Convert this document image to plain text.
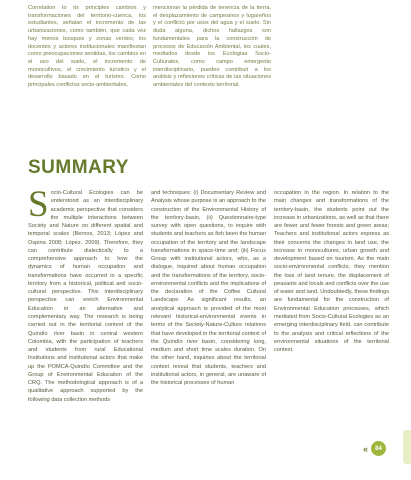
Correlation to its principles cambios y transformaciones del territorio-cuenca, los estudiantes, señalan el incremento de las urbanizaciones, como también, que cada vez hay menos bosques y zonas verdes; los docentes y actores institucionales manifiestan como preocupaciones sentidas, los cambios en el uso del suelo, el incremento de monocultivos, el crecimiento turístico y el desarrollo basado en el turismo. Como principales conflictos socio-ambientales,

mencionan la pérdida de tenencia de la tierra, el desplazamiento de campesinos y lugareños y el conflicto por usos del agua y el suelo. Sin duda alguna, dichos hallazgos son fundamentales para la construcción de procesos de Educación Ambiental, los cuales, mediados desde los Ecologías Socio-Culturales, como campo emergente interdisciplinario, pueden contribuir a los análisis y reflexiones críticas de las situaciones ambientales del contexto territorial.

SUMMARY

Socio-Cultural Ecologies can be understood as an interdisciplinary academic perspective that considers the multiple interactions between Society and Nature on different spatial and temporal scales (Bernos, 2013; López and Ospina 2008; López, 2009). Therefore, they can contribute dialectically to a comprehensive approach to how the dynamics of human occupation and transformations have occurred in a specific territory from a historical, political and socio-cultural perspective. This interdisciplinary perspective can enrich Environmental Education in an alternative and complementary way. The research is being carried out in the territorial context of the Quindío river basin in central western Colombia, with the participation of teachers and students from rural Educational Institutions and institutional actors that make up the POMCA-Quindío Committee and the Group of Environmental Education of the CRQ. The methodological approach is of a qualitative approach supported by the following data collection methods

and techniques: (i) Documentary Review and Analysis whose purpose is an approach to the construction of the Environmental History of the territory-basin, (ii) Questionnaire-type survey with open questions, to inquire with students and teachers as fish been the human occupation of the territory and the landscape transformations in space-time and; (iii) Focus Group with institutional actors, who, as a dialogue, inquired about human occupation and the transformations of the territory, socio-environmental conflicts and the implications of the declaration of the Coffee Cultural Landscape. As significant results, an analytical approach is provided of the most relevant historical-environmental events in terms of the Society-Nature-Culture relations that have developed in the territorial context of the Quindío river basin, considering long, medium and short time scales duration. On the other hand, inquiries about the territorial context reveal that students, teachers and institutional actors, in general, are unaware of the historical processes of human

occupation in the region. In relation to the main changes and transformations of the territory-basin, the students point out the increase in urbanizations, as well as that there are fewer and fewer forests and green areas; Teachers and institutional actors express as their concerns the changes in land use, the increase in monocultures, urban growth and development based on tourism. As the main socio-environmental conflicts, they mention the loss of land tenure, the displacement of peasants and locals and conflicts over the use of water and land. Undoubtedly, these findings are fundamental for the construction of Environmental Education processes, which mediated from Socio-Cultural Ecologies as an emerging interdisciplinary field, can contribute to the analysis and critical reflections of the environmental situations of the territorial context.

«	84
